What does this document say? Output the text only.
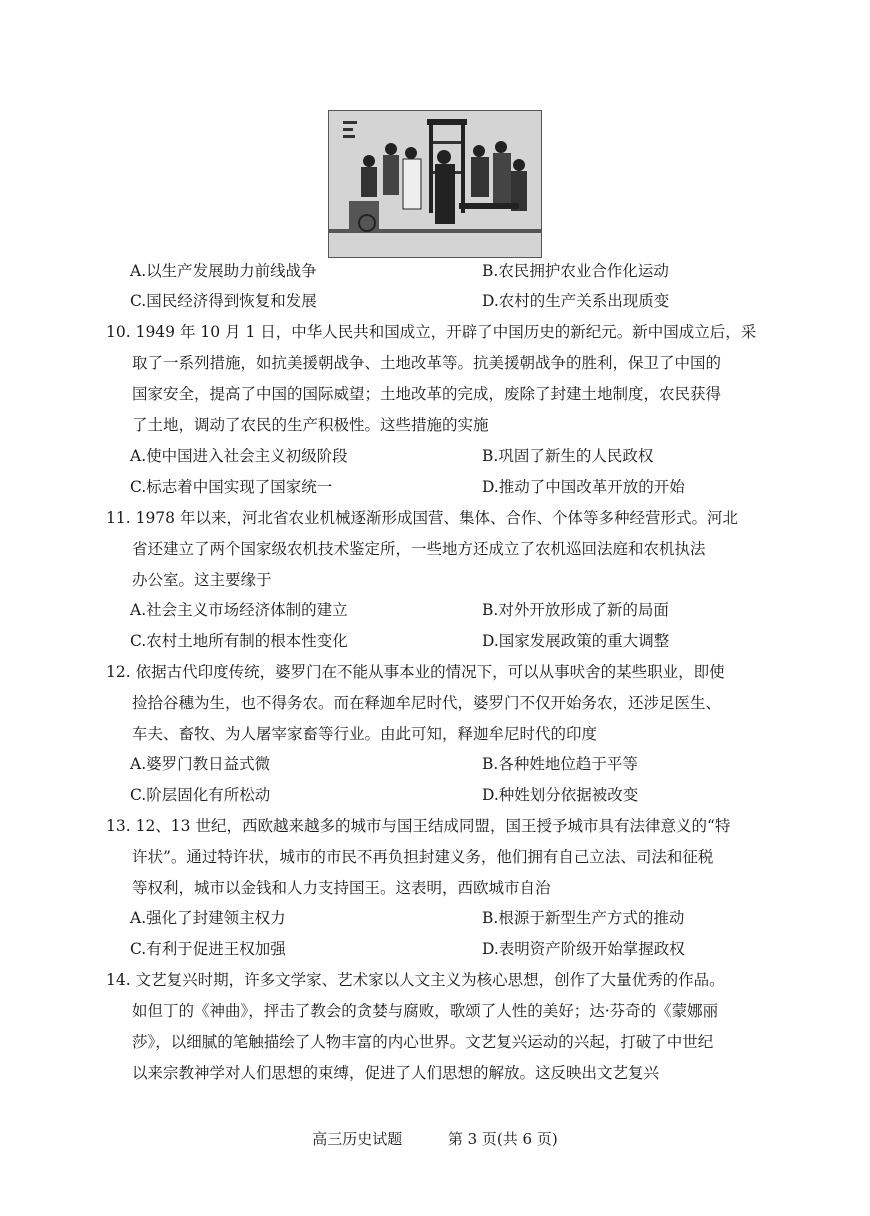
A.以生产发展助力前线战争	B.农民拥护农业合作化运动
C.国民经济得到恢复和发展	D.农村的生产关系出现质变
10. 1949 年 10 月 1 日，中华人民共和国成立，开辟了中国历史的新纪元。新中国成立后，采
取了一系列措施，如抗美援朝战争、土地改革等。抗美援朝战争的胜利，保卫了中国的
国家安全，提高了中国的国际威望；土地改革的完成，废除了封建土地制度，农民获得
了土地，调动了农民的生产积极性。这些措施的实施
A.使中国进入社会主义初级阶段	B.巩固了新生的人民政权
C.标志着中国实现了国家统一	D.推动了中国改革开放的开始
11. 1978 年以来，河北省农业机械逐渐形成国营、集体、合作、个体等多种经营形式。河北
省还建立了两个国家级农机技术鉴定所，一些地方还成立了农机巡回法庭和农机执法
办公室。这主要缘于
A.社会主义市场经济体制的建立	B.对外开放形成了新的局面
C.农村土地所有制的根本性变化	D.国家发展政策的重大调整
12. 依据古代印度传统，婆罗门在不能从事本业的情况下，可以从事吠舍的某些职业，即使
捡拾谷穗为生，也不得务农。而在释迦牟尼时代，婆罗门不仅开始务农，还涉足医生、
车夫、畜牧、为人屠宰家畜等行业。由此可知，释迦牟尼时代的印度
A.婆罗门教日益式微	B.各种姓地位趋于平等
C.阶层固化有所松动	D.种姓划分依据被改变
13. 12、13 世纪，西欧越来越多的城市与国王结成同盟，国王授予城市具有法律意义的“特
许状”。通过特许状，城市的市民不再负担封建义务，他们拥有自己立法、司法和征税
等权利，城市以金钱和人力支持国王。这表明，西欧城市自治
A.强化了封建领主权力	B.根源于新型生产方式的推动
C.有利于促进王权加强	D.表明资产阶级开始掌握政权
14. 文艺复兴时期，许多文学家、艺术家以人文主义为核心思想，创作了大量优秀的作品。
如但丁的《神曲》，抨击了教会的贪婪与腐败，歌颂了人性的美好；达·芬奇的《蒙娜丽
莎》，以细腻的笔触描绘了人物丰富的内心世界。文艺复兴运动的兴起，打破了中世纪
以来宗教神学对人们思想的束缚，促进了人们思想的解放。这反映出文艺复兴
高三历史试题	第 3 页(共 6 页)
